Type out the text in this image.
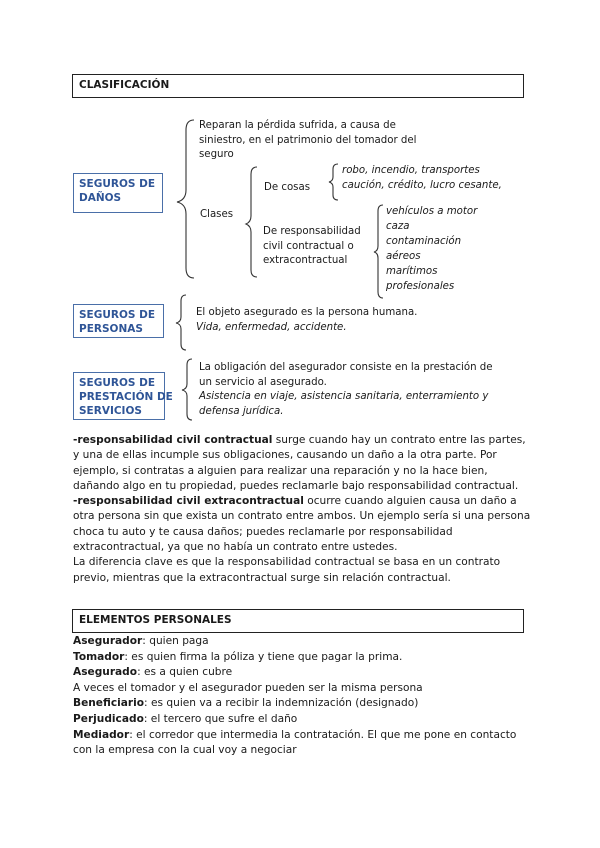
CLASIFICACIÓN
SEGUROS DE
DAÑOS
Reparan la pérdida sufrida, a causa de
siniestro, en el patrimonio del tomador del
seguro
Clases
De cosas
robo, incendio, transportes
caución, crédito, lucro cesante,
De responsabilidad
civil contractual o
extracontractual
vehículos a motor
caza
contaminación
aéreos
marítimos
profesionales
SEGUROS DE
PERSONAS
El objeto asegurado es la persona humana.
Vida, enfermedad, accidente.
SEGUROS DE
PRESTACIÓN DE
SERVICIOS
La obligación del asegurador consiste en la prestación de
un servicio al asegurado.
Asistencia en viaje, asistencia sanitaria, enterramiento y
defensa jurídica.

-responsabilidad civil contractual surge cuando hay un contrato entre las partes, y una de ellas incumple sus obligaciones, causando un daño a la otra parte. Por ejemplo, si contratas a alguien para realizar una reparación y no la hace bien, dañando algo en tu propiedad, puedes reclamarle bajo responsabilidad contractual.

-responsabilidad civil extracontractual ocurre cuando alguien causa un daño a otra persona sin que exista un contrato entre ambos. Un ejemplo sería si una persona choca tu auto y te causa daños; puedes reclamarle por responsabilidad extracontractual, ya que no había un contrato entre ustedes.

La diferencia clave es que la responsabilidad contractual se basa en un contrato previo, mientras que la extracontractual surge sin relación contractual.

ELEMENTOS PERSONALES

Asegurador: quien paga

Tomador: es quien firma la póliza y tiene que pagar la prima.

Asegurado: es a quien cubre

A veces el tomador y el asegurador pueden ser la misma persona

Beneficiario: es quien va a recibir la indemnización (designado)

Perjudicado: el tercero que sufre el daño

Mediador: el corredor que intermedia la contratación. El que me pone en contacto con la empresa con la cual voy a negociar
